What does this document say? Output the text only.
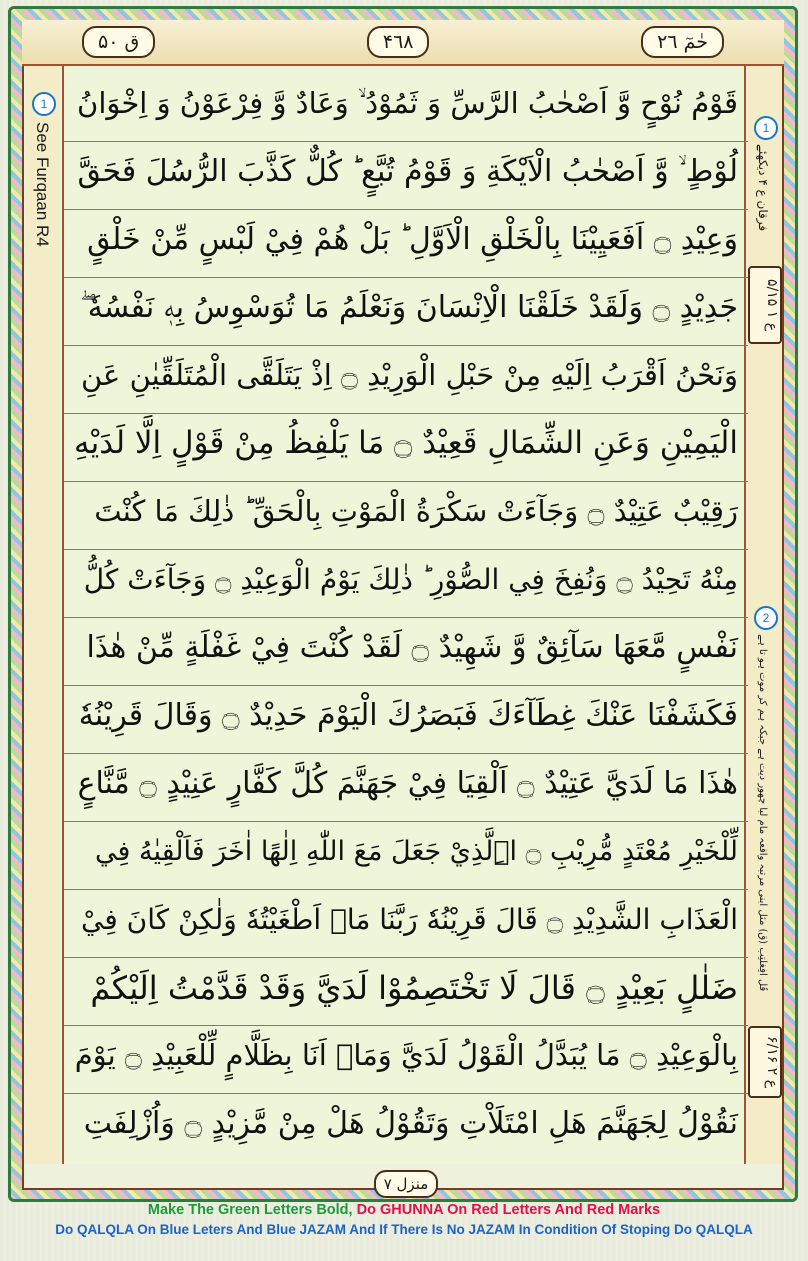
ق ۵۰	۴٦٨	حٰمٓ ٢٦
1
See Furqaan R4	1
فرقان ع ۴ دیکھئے
ع ۱ ۵/۱۵
2
قُل اَفِغلَتِب (ق) مثل ابنی مرتبہ واقعہ مام لبا چھور دیت ہے جبکہ ہم کر موت ہو تا ہے
ع ۲ ۶/۱۶
قَوْمُ نُوْحٍ وَّ اَصْحٰبُ الرَّسِّ وَ ثَمُوْدُ ۙ وَعَادٌ وَّ فِرْعَوْنُ وَ اِخْوَانُ
لُوْطٍ ۙ وَّ اَصْحٰبُ الْاَيْكَةِ وَ قَوْمُ تُبَّعٍ ؕ كُلٌّ كَذَّبَ الرُّسُلَ فَحَقَّ
وَعِيْدِ ۝ اَفَعَيِيْنَا بِالْخَلْقِ الْاَوَّلِ ؕ بَلْ هُمْ فِيْ لَبْسٍ مِّنْ خَلْقٍ
جَدِيْدٍ ۝ وَلَقَدْ خَلَقْنَا الْاِنْسَانَ وَنَعْلَمُ مَا تُوَسْوِسُ بِهٖ نَفْسُهٗ ۖ
وَنَحْنُ اَقْرَبُ اِلَيْهِ مِنْ حَبْلِ الْوَرِيْدِ ۝ اِذْ يَتَلَقَّى الْمُتَلَقِّيٰنِ عَنِ
الْيَمِيْنِ وَعَنِ الشِّمَالِ قَعِيْدٌ ۝ مَا يَلْفِظُ مِنْ قَوْلٍ اِلَّا لَدَيْهِ
رَقِيْبٌ عَتِيْدٌ ۝ وَجَآءَتْ سَكْرَةُ الْمَوْتِ بِالْحَقِّ ؕ ذٰلِكَ مَا كُنْتَ
مِنْهُ تَحِيْدُ ۝ وَنُفِخَ فِي الصُّوْرِ ؕ ذٰلِكَ يَوْمُ الْوَعِيْدِ ۝ وَجَآءَتْ كُلُّ
نَفْسٍ مَّعَهَا سَآئِقٌ وَّ شَهِيْدٌ ۝ لَقَدْ كُنْتَ فِيْ غَفْلَةٍ مِّنْ هٰذَا
فَكَشَفْنَا عَنْكَ غِطَآءَكَ فَبَصَرُكَ الْيَوْمَ حَدِيْدٌ ۝ وَقَالَ قَرِيْنُهٗ
هٰذَا مَا لَدَيَّ عَتِيْدٌ ۝ اَلْقِيَا فِيْ جَهَنَّمَ كُلَّ كَفَّارٍ عَنِيْدٍ ۝ مَّنَّاعٍ
لِّلْخَيْرِ مُعْتَدٍ مُّرِيْبِ ۝ اِۨلَّذِيْ جَعَلَ مَعَ اللّٰهِ اِلٰهًا اٰخَرَ فَاَلْقِيٰهُ فِي
الْعَذَابِ الشَّدِيْدِ ۝ قَالَ قَرِيْنُهٗ رَبَّنَا مَاۤ اَطْغَيْتُهٗ وَلٰكِنْ كَانَ فِيْ
ضَلٰلٍ بَعِيْدٍ ۝ قَالَ لَا تَخْتَصِمُوْا لَدَيَّ وَقَدْ قَدَّمْتُ اِلَيْكُمْ
بِالْوَعِيْدِ ۝ مَا يُبَدَّلُ الْقَوْلُ لَدَيَّ وَمَاۤ اَنَا بِظَلَّامٍ لِّلْعَبِيْدِ ۝ يَوْمَ
نَقُوْلُ لِجَهَنَّمَ هَلِ امْتَلَاْتِ وَتَقُوْلُ هَلْ مِنْ مَّزِيْدٍ ۝ وَاُزْلِفَتِ
منزل ۷
Make The Green Letters Bold, Do GHUNNA On Red Letters And Red Marks
Do QALQLA On Blue Leters And Blue JAZAM And If There Is No JAZAM In Condition Of Stoping Do QALQLA
